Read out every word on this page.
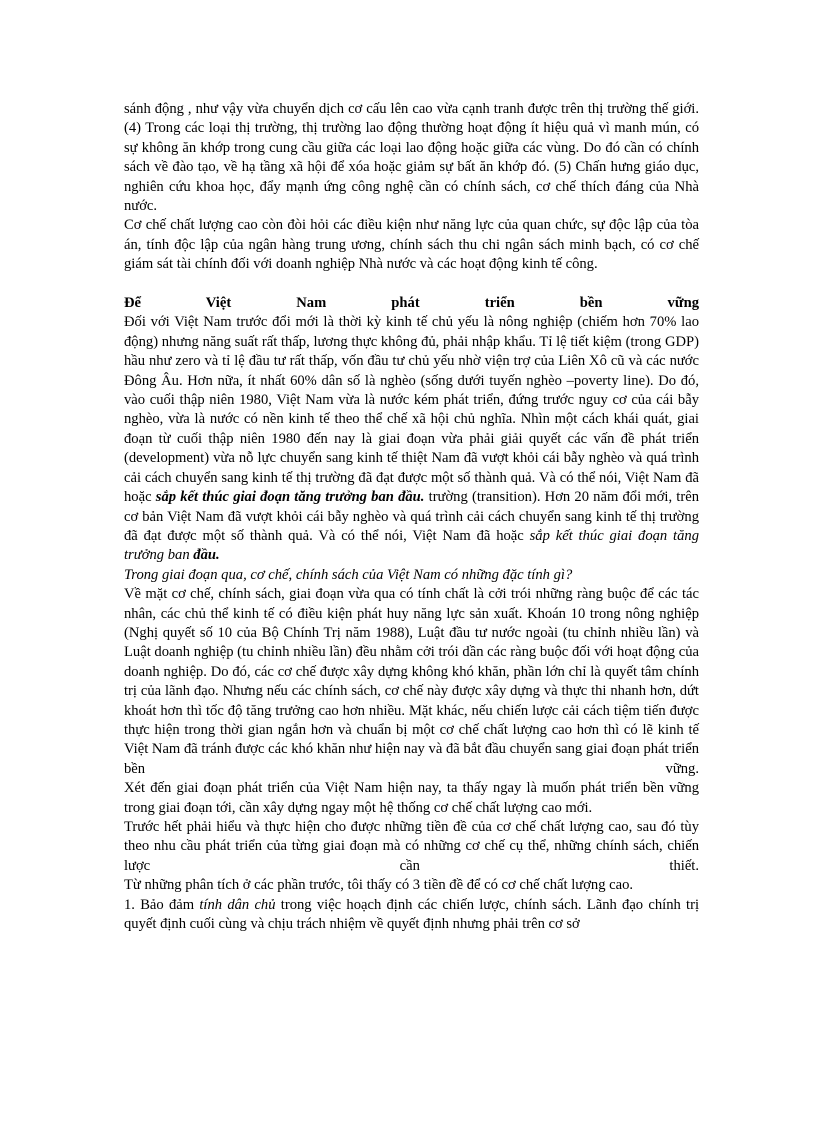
sánh động , như vậy vừa chuyển dịch cơ cấu lên cao vừa cạnh tranh được trên thị trường thế giới. (4) Trong các loại thị trường, thị trường lao động thường hoạt động ít hiệu quả vì manh mún, có sự không ăn khớp trong cung cầu giữa các loại lao động hoặc giữa các vùng. Do đó cần có chính sách về đào tạo, về hạ tầng xã hội để xóa hoặc giảm sự bất ăn khớp đó. (5) Chấn hưng giáo dục, nghiên cứu khoa học, đẩy mạnh ứng công nghệ cần có chính sách, cơ chế thích đáng của Nhà nước.

Cơ chế chất lượng cao còn đòi hỏi các điều kiện như năng lực của quan chức, sự độc lập của tòa án, tính độc lập của ngân hàng trung ương, chính sách thu chi ngân sách minh bạch, có cơ chế giám sát tài chính đối với doanh nghiệp Nhà nước và các hoạt động kinh tế công.

Để Việt Nam phát triển bền vững

Đối với Việt Nam trước đổi mới là thời kỳ kinh tế chủ yếu là nông nghiệp (chiếm hơn 70% lao động) nhưng năng suất rất thấp, lương thực không đủ, phải nhập khẩu. Tỉ lệ tiết kiệm (trong GDP) hầu như zero và tỉ lệ đầu tư rất thấp, vốn đầu tư chủ yếu nhờ viện trợ của Liên Xô cũ và các nước Đông Âu. Hơn nữa, ít nhất 60% dân số là nghèo (sống dưới tuyến nghèo –poverty line). Do đó, vào cuối thập niên 1980, Việt Nam vừa là nước kém phát triển, đứng trước nguy cơ của cái bẫy nghèo, vừa là nước có nền kinh tế theo thể chế xã hội chủ nghĩa. Nhìn một cách khái quát, giai đoạn từ cuối thập niên 1980 đến nay là giai đoạn vừa phải giải quyết các vấn đề phát triển (development) vừa nỗ lực chuyển sang kinh tế thiệt Nam đã vượt khỏi cái bẫy nghèo và quá trình cải cách chuyển sang kinh tế thị trường đã đạt được một số thành quả. Và có thể nói, Việt Nam đã hoặc sắp kết thúc giai đoạn tăng trưởng ban đầu. trường (transition). Hơn 20 năm đổi mới, trên cơ bản Việt Nam đã vượt khỏi cái bẫy nghèo và quá trình cải cách chuyển sang kinh tế thị trường đã đạt được một số thành quả. Và có thể nói, Việt Nam đã hoặc sắp kết thúc giai đoạn tăng trưởng ban đầu.

Trong giai đoạn qua, cơ chế, chính sách của Việt Nam có những đặc tính gì?

Về mặt cơ chế, chính sách, giai đoạn vừa qua có tính chất là cởi trói những ràng buộc để các tác nhân, các chủ thể kinh tế có điều kiện phát huy năng lực sản xuất. Khoán 10 trong nông nghiệp (Nghị quyết số 10 của Bộ Chính Trị năm 1988), Luật đầu tư nước ngoài (tu chỉnh nhiều lần) và Luật doanh nghiệp (tu chỉnh nhiều lần) đều nhằm cởi trói dần các ràng buộc đối với hoạt động của doanh nghiệp. Do đó, các cơ chế được xây dựng không khó khăn, phần lớn chỉ là quyết tâm chính trị của lãnh đạo. Nhưng nếu các chính sách, cơ chế này được xây dựng và thực thi nhanh hơn, dứt khoát hơn thì tốc độ tăng trưởng cao hơn nhiều. Mặt khác, nếu chiến lược cải cách tiệm tiến được thực hiện trong thời gian ngắn hơn và chuẩn bị một cơ chế chất lượng cao hơn thì có lẽ kinh tế Việt Nam đã tránh được các khó khăn như hiện nay và đã bắt đầu chuyển sang giai đoạn phát triển bền vững.

Xét đến giai đoạn phát triển của Việt Nam hiện nay, ta thấy ngay là muốn phát triển bền vững trong giai đoạn tới, cần xây dựng ngay một hệ thống cơ chế chất lượng cao mới.

Trước hết phải hiểu và thực hiện cho được những tiền đề của cơ chế chất lượng cao, sau đó tùy theo nhu cầu phát triển của từng giai đoạn mà có những cơ chế cụ thể, những chính sách, chiến lược cần thiết.

Từ những phân tích ở các phần trước, tôi thấy có 3 tiền đề để có cơ chế chất lượng cao.

1. Bảo đảm tính dân chủ trong việc hoạch định các chiến lược, chính sách. Lãnh đạo chính trị quyết định cuối cùng và chịu trách nhiệm về quyết định nhưng phải trên cơ sở
